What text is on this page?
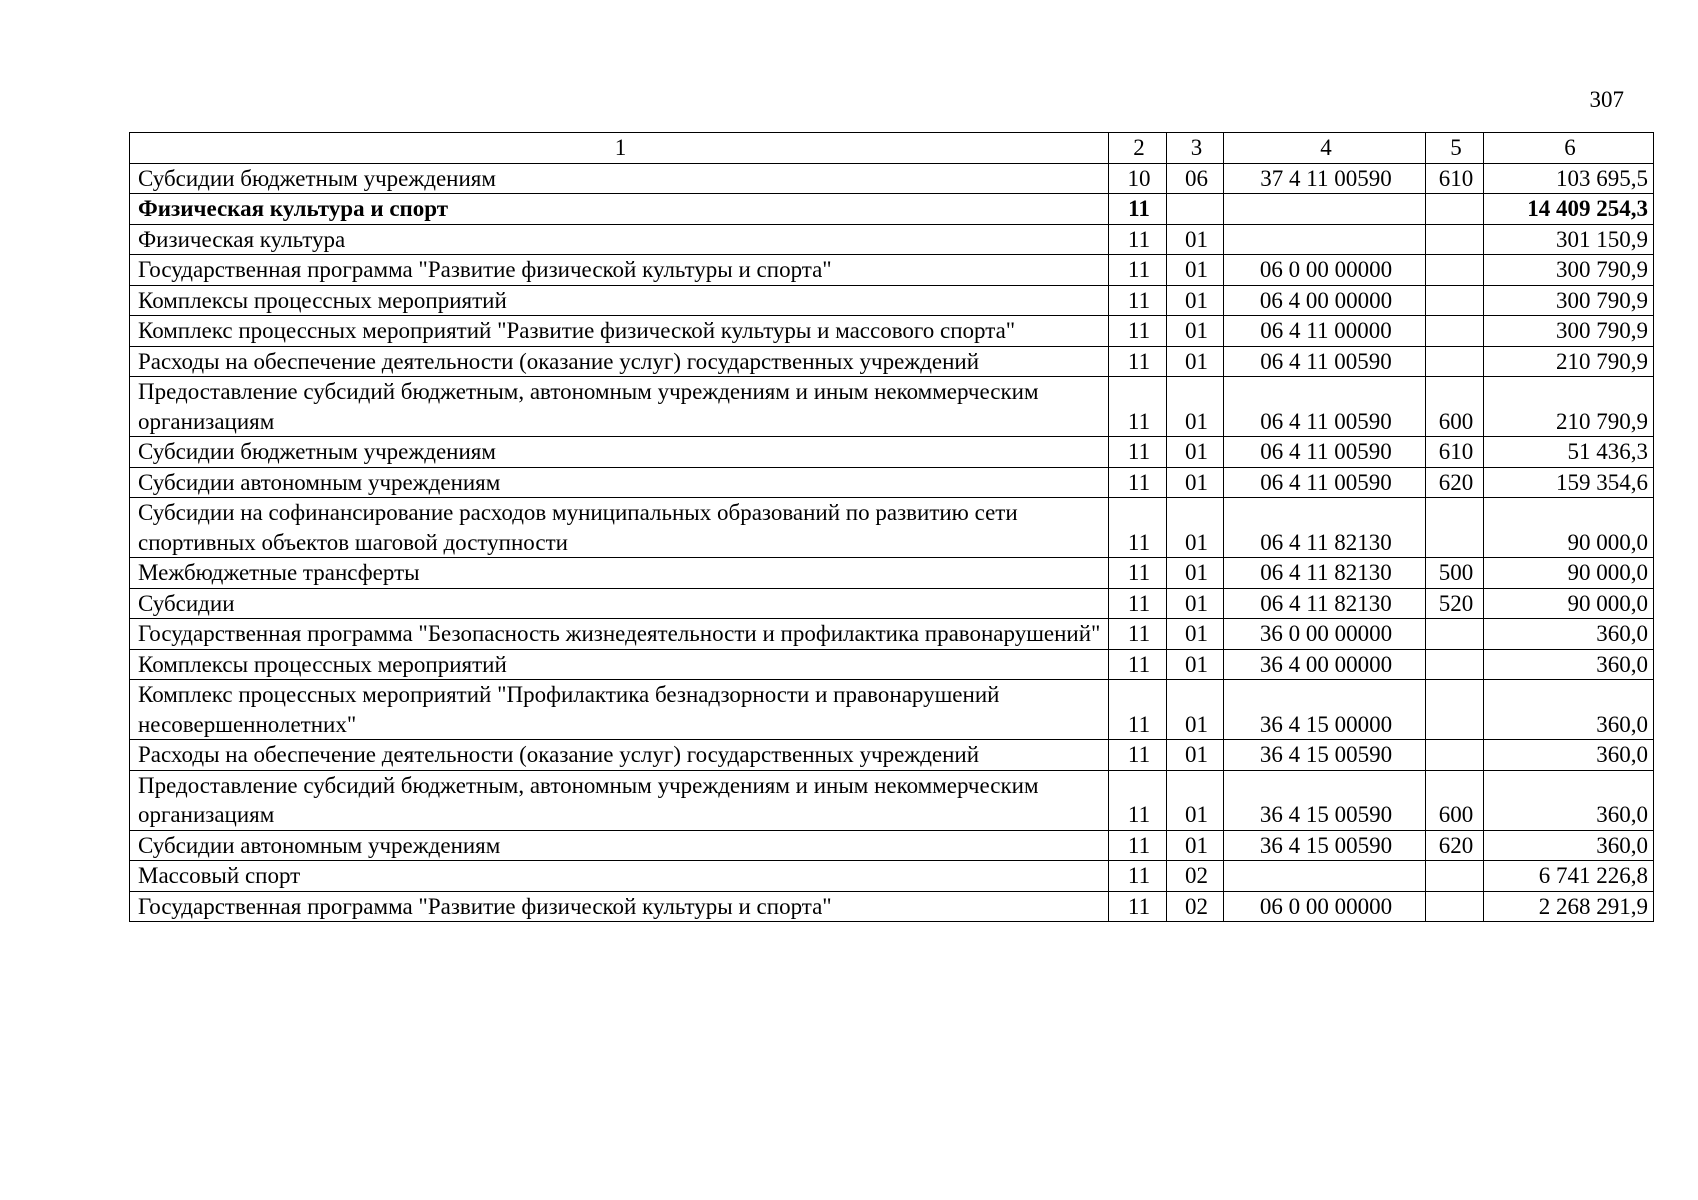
307
1	2	3	4	5	6
Субсидии бюджетным учреждениям	10	06	37 4 11 00590	610	103 695,5
Физическая культура и спорт	11				14 409 254,3
Физическая культура	11	01			301 150,9
Государственная программа "Развитие физической культуры и спорта"	11	01	06 0 00 00000		300 790,9
Комплексы процессных мероприятий	11	01	06 4 00 00000		300 790,9
Комплекс процессных мероприятий "Развитие физической культуры и массового спорта"	11	01	06 4 11 00000		300 790,9
Расходы на обеспечение деятельности (оказание услуг) государственных учреждений	11	01	06 4 11 00590		210 790,9
Предоставление субсидий бюджетным, автономным учреждениям и иным некоммерческим организациям	11	01	06 4 11 00590	600	210 790,9
Субсидии бюджетным учреждениям	11	01	06 4 11 00590	610	51 436,3
Субсидии автономным учреждениям	11	01	06 4 11 00590	620	159 354,6
Субсидии на софинансирование расходов муниципальных образований по развитию сети спортивных объектов шаговой доступности	11	01	06 4 11 82130		90 000,0
Межбюджетные трансферты	11	01	06 4 11 82130	500	90 000,0
Субсидии	11	01	06 4 11 82130	520	90 000,0
Государственная программа "Безопасность жизнедеятельности и профилактика правонарушений"	11	01	36 0 00 00000		360,0
Комплексы процессных мероприятий	11	01	36 4 00 00000		360,0
Комплекс процессных мероприятий "Профилактика безнадзорности и правонарушений несовершеннолетних"	11	01	36 4 15 00000		360,0
Расходы на обеспечение деятельности (оказание услуг) государственных учреждений	11	01	36 4 15 00590		360,0
Предоставление субсидий бюджетным, автономным учреждениям и иным некоммерческим организациям	11	01	36 4 15 00590	600	360,0
Субсидии автономным учреждениям	11	01	36 4 15 00590	620	360,0
Массовый спорт	11	02			6 741 226,8
Государственная программа "Развитие физической культуры и спорта"	11	02	06 0 00 00000		2 268 291,9
